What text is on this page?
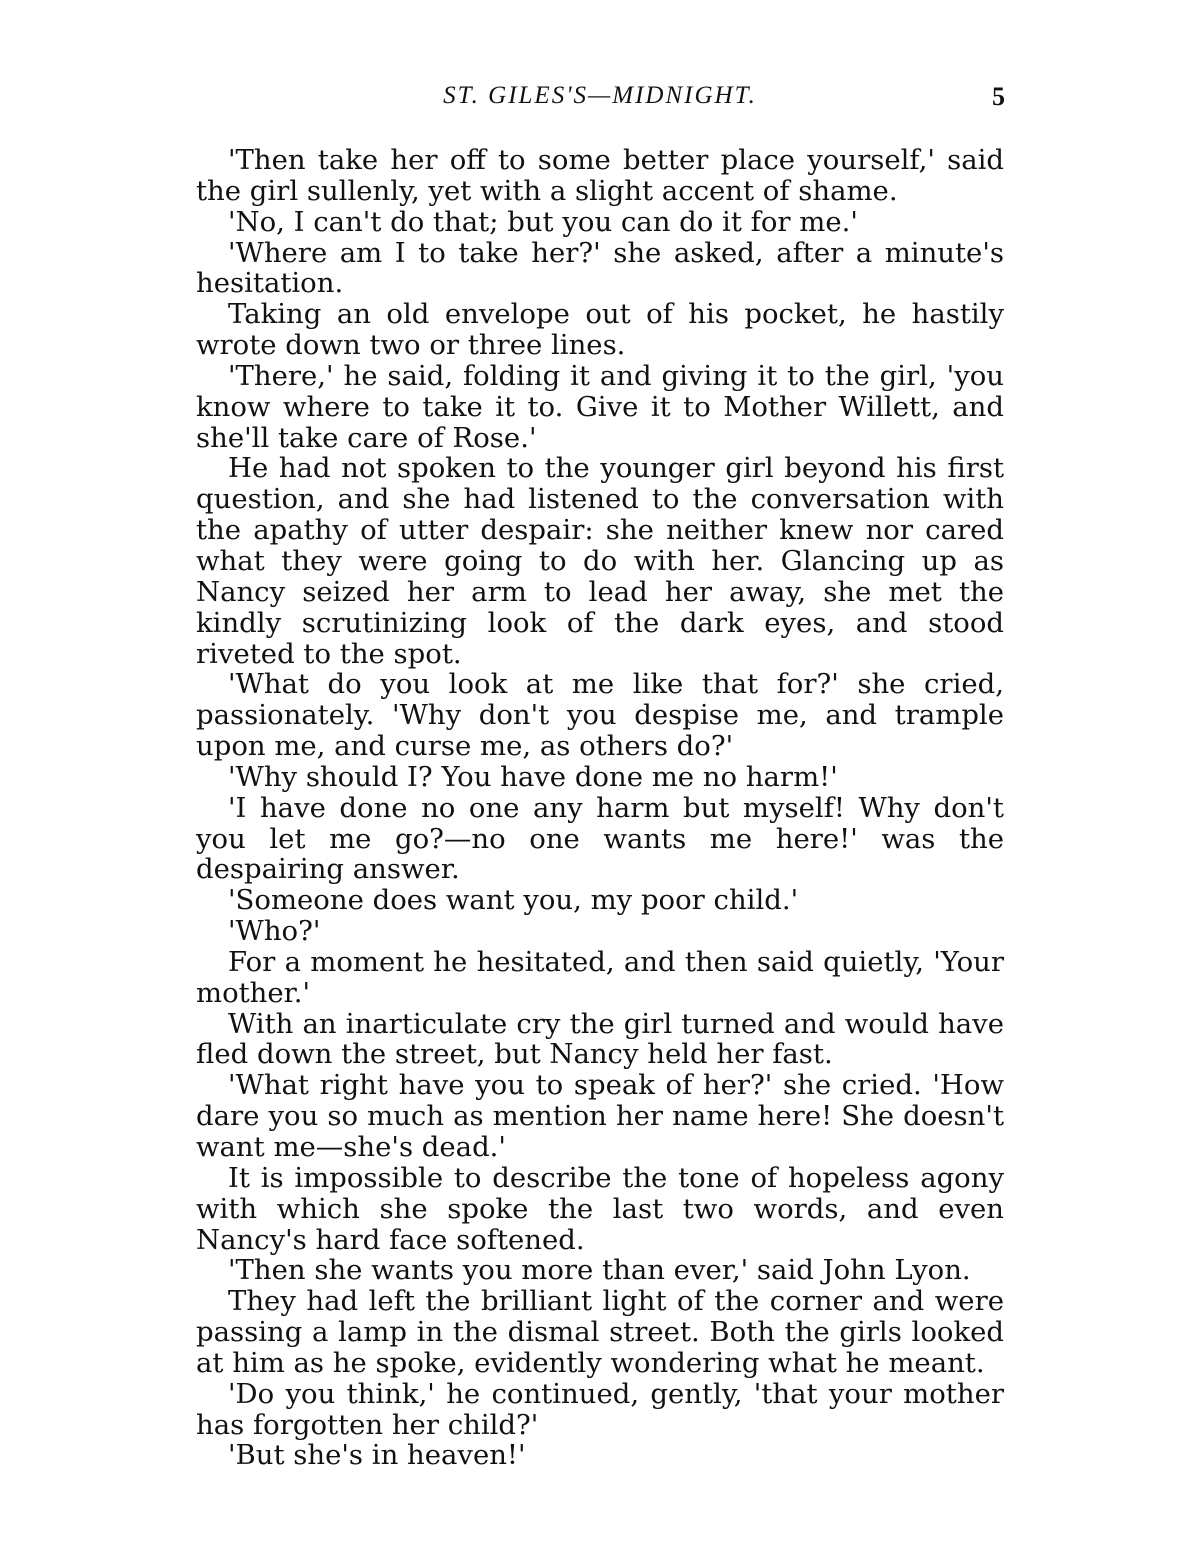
ST. GILES'S—MIDNIGHT.	5

'Then take her off to some better place yourself,' said the girl sullenly, yet with a slight accent of shame.

'No, I can't do that; but you can do it for me.'

'Where am I to take her?' she asked, after a minute's hesitation.

Taking an old envelope out of his pocket, he hastily wrote down two or three lines.

'There,' he said, folding it and giving it to the girl, 'you know where to take it to. Give it to Mother Willett, and she'll take care of Rose.'

He had not spoken to the younger girl beyond his first question, and she had listened to the conversation with the apathy of utter despair: she neither knew nor cared what they were going to do with her. Glancing up as Nancy seized her arm to lead her away, she met the kindly scrutinizing look of the dark eyes, and stood riveted to the spot.

'What do you look at me like that for?' she cried, passionately. 'Why don't you despise me, and trample upon me, and curse me, as others do?'

'Why should I? You have done me no harm!'

'I have done no one any harm but myself! Why don't you let me go?—no one wants me here!' was the despairing answer.

'Someone does want you, my poor child.'

'Who?'

For a moment he hesitated, and then said quietly, 'Your mother.'

With an inarticulate cry the girl turned and would have fled down the street, but Nancy held her fast.

'What right have you to speak of her?' she cried. 'How dare you so much as mention her name here! She doesn't want me—she's dead.'

It is impossible to describe the tone of hopeless agony with which she spoke the last two words, and even Nancy's hard face softened.

'Then she wants you more than ever,' said John Lyon.

They had left the brilliant light of the corner and were passing a lamp in the dismal street. Both the girls looked at him as he spoke, evidently wondering what he meant.

'Do you think,' he continued, gently, 'that your mother has forgotten her child?'

'But she's in heaven!'
